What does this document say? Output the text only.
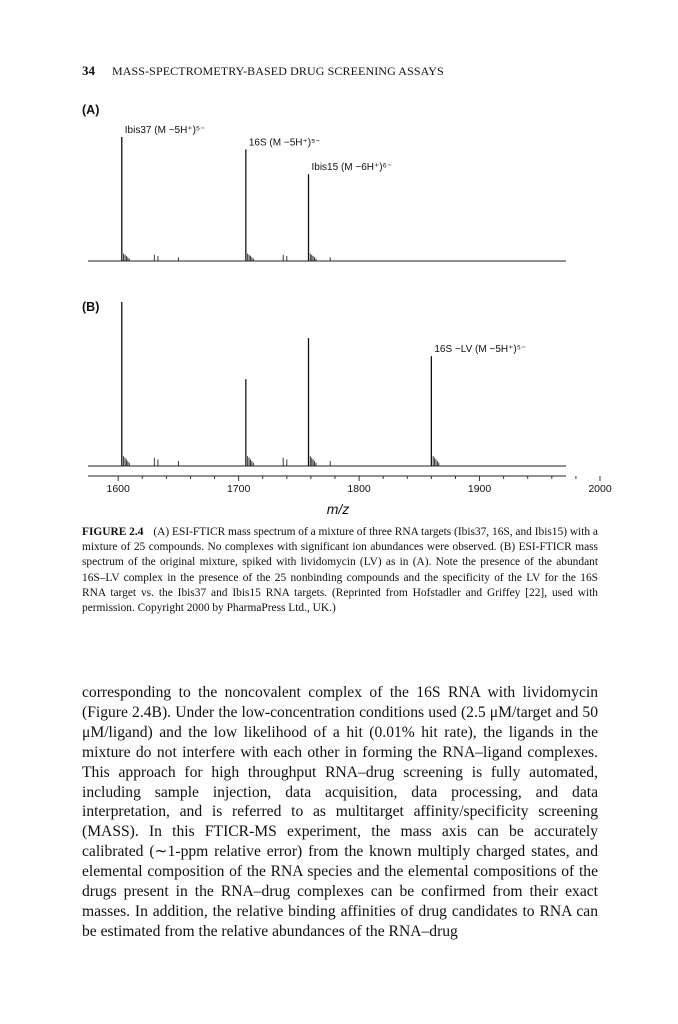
34 MASS-SPECTROMETRY-BASED DRUG SCREENING ASSAYS
(A)
(B)
Ibis37 (M −5H⁺)⁵⁻
16S (M −5H⁺)⁵⁻
Ibis15 (M −6H⁺)⁶⁻
16S −LV (M −5H⁺)⁵⁻
1600	1700	1800	1900	2000
m/z
FIGURE 2.4 (A) ESI-FTICR mass spectrum of a mixture of three RNA targets (Ibis37, 16S, and Ibis15) with a mixture of 25 compounds. No complexes with significant ion abundances were observed. (B) ESI-FTICR mass spectrum of the original mixture, spiked with lividomycin (LV) as in (A). Note the presence of the abundant 16S–LV complex in the presence of the 25 nonbinding compounds and the specificity of the LV for the 16S RNA target vs. the Ibis37 and Ibis15 RNA targets. (Reprinted from Hofstadler and Griffey [22], used with permission. Copyright 2000 by PharmaPress Ltd., UK.)

corresponding to the noncovalent complex of the 16S RNA with lividomycin (Figure 2.4B). Under the low-concentration conditions used (2.5 μM/target and 50 μM/ligand) and the low likelihood of a hit (0.01% hit rate), the ligands in the mixture do not interfere with each other in forming the RNA–ligand complexes. This approach for high throughput RNA–drug screening is fully automated, including sample injection, data acquisition, data processing, and data interpretation, and is referred to as multitarget affinity/specificity screening (MASS). In this FTICR-MS experiment, the mass axis can be accurately calibrated (∼1-ppm relative error) from the known multiply charged states, and elemental composition of the RNA species and the elemental compositions of the drugs present in the RNA–drug complexes can be confirmed from their exact masses. In addition, the relative binding affinities of drug candidates to RNA can be estimated from the relative abundances of the RNA–drug
